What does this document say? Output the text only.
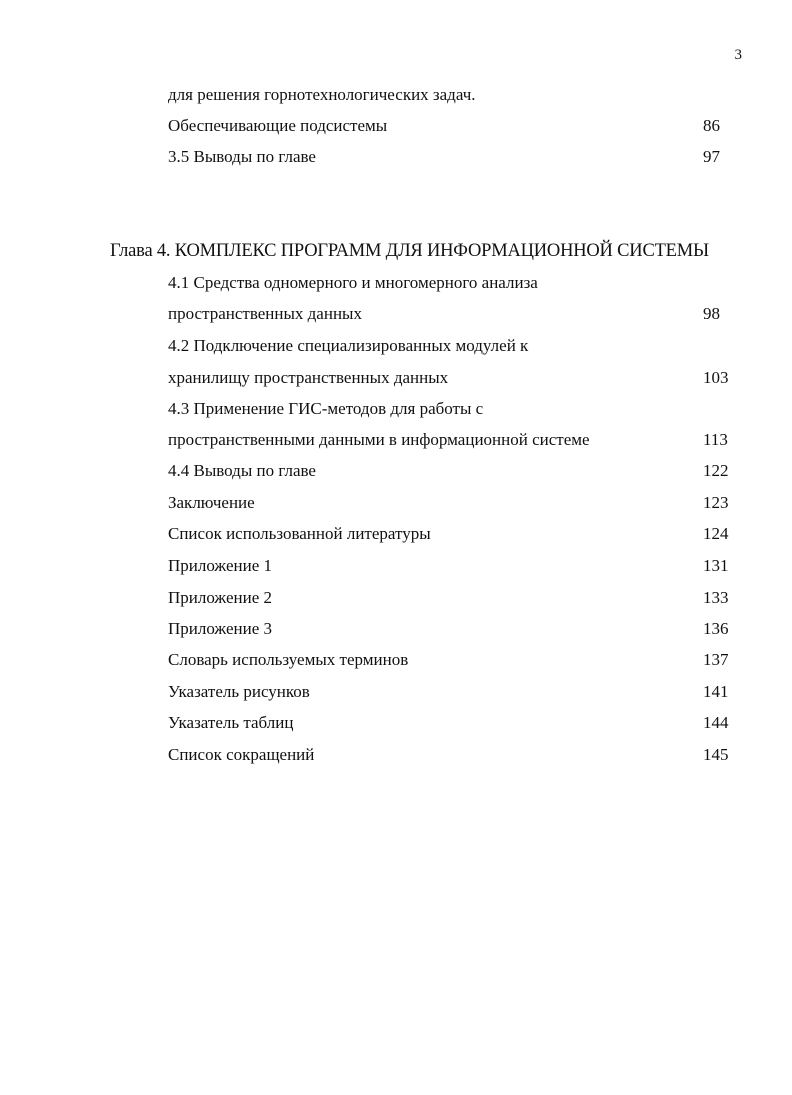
3
для решения горнотехнологических задач.
Обеспечивающие подсистемы	86
3.5 Выводы по главе	97
Глава 4. КОМПЛЕКС ПРОГРАММ ДЛЯ ИНФОРМАЦИОННОЙ СИСТЕМЫ
4.1 Средства одномерного и многомерного анализа
пространственных данных	98
4.2 Подключение специализированных модулей к
хранилищу пространственных данных	103
4.3 Применение ГИС-методов для работы с
пространственными данными в информационной системе	113
4.4 Выводы по главе	122
Заключение	123
Список использованной литературы	124
Приложение 1	131
Приложение 2	133
Приложение 3	136
Словарь используемых терминов	137
Указатель рисунков	141
Указатель таблиц	144
Список сокращений	145
